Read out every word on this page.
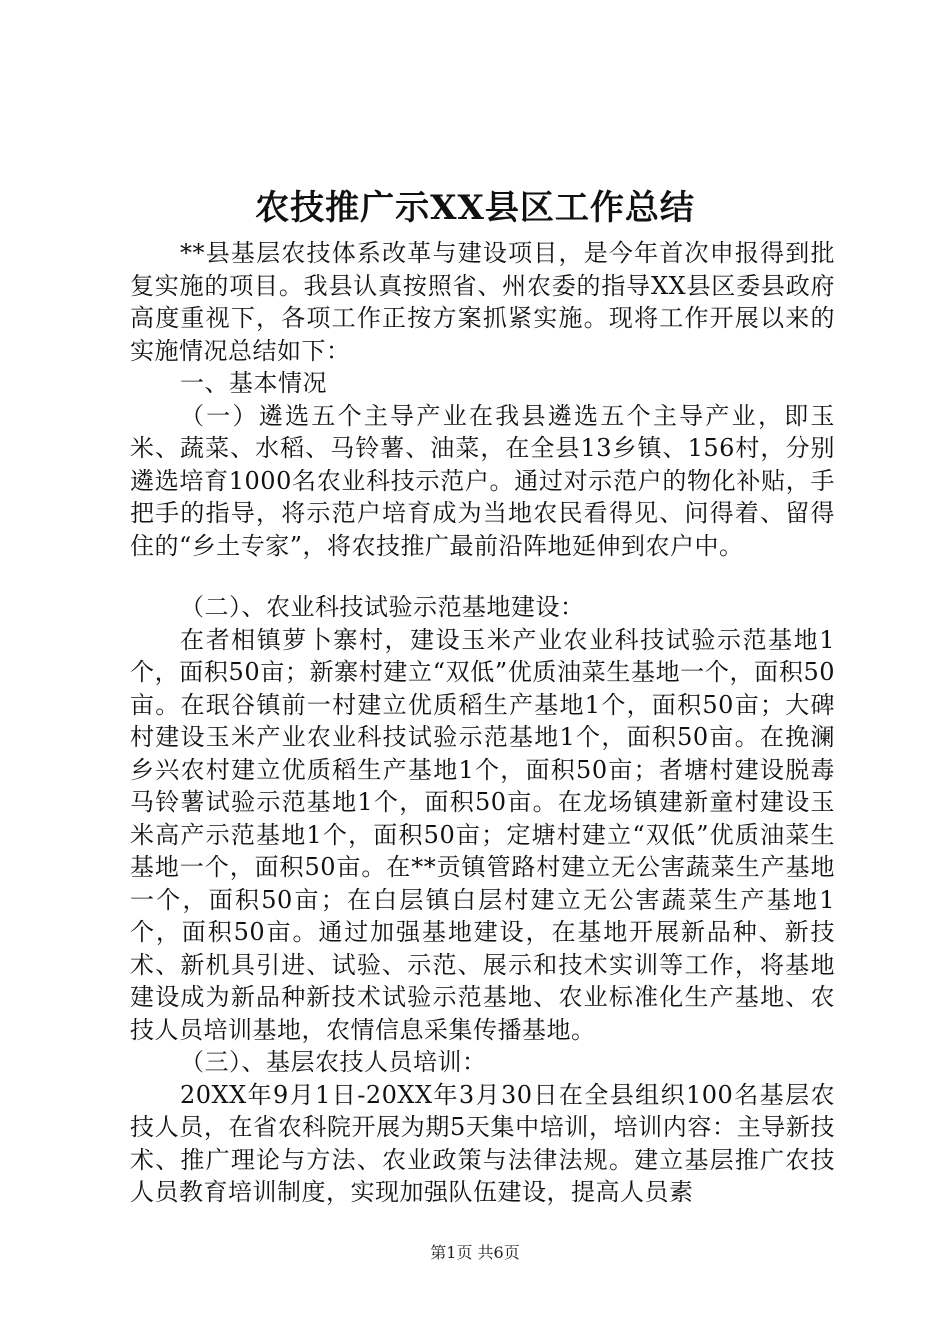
农技推广示XX县区工作总结

**县基层农技体系改革与建设项目，是今年首次申报得到批复实施的项目。我县认真按照省、州农委的指导XX县区委县政府高度重视下，各项工作正按方案抓紧实施。现将工作开展以来的实施情况总结如下：

一、基本情况

（一）遴选五个主导产业在我县遴选五个主导产业，即玉米、蔬菜、水稻、马铃薯、油菜，在全县13乡镇、156村，分别遴选培育1000名农业科技示范户。通过对示范户的物化补贴，手把手的指导，将示范户培育成为当地农民看得见、问得着、留得住的“乡土专家”，将农技推广最前沿阵地延伸到农户中。

（二）、农业科技试验示范基地建设：

在者相镇萝卜寨村，建设玉米产业农业科技试验示范基地1个，面积50亩；新寨村建立“双低”优质油菜生基地一个，面积50亩。在珉谷镇前一村建立优质稻生产基地1个，面积50亩；大碑村建设玉米产业农业科技试验示范基地1个，面积50亩。在挽澜乡兴农村建立优质稻生产基地1个，面积50亩；者塘村建设脱毒马铃薯试验示范基地1个，面积50亩。在龙场镇建新童村建设玉米高产示范基地1个，面积50亩；定塘村建立“双低”优质油菜生基地一个，面积50亩。在**贡镇管路村建立无公害蔬菜生产基地一个，面积50亩；在白层镇白层村建立无公害蔬菜生产基地1个，面积50亩。通过加强基地建设，在基地开展新品种、新技术、新机具引进、试验、示范、展示和技术实训等工作，将基地建设成为新品种新技术试验示范基地、农业标准化生产基地、农技人员培训基地，农情信息采集传播基地。

（三）、基层农技人员培训：

20XX年9月1日-20XX年3月30日在全县组织100名基层农技人员，在省农科院开展为期5天集中培训，培训内容：主导新技术、推广理论与方法、农业政策与法律法规。建立基层推广农技人员教育培训制度，实现加强队伍建设，提高人员素

第1页 共6页
